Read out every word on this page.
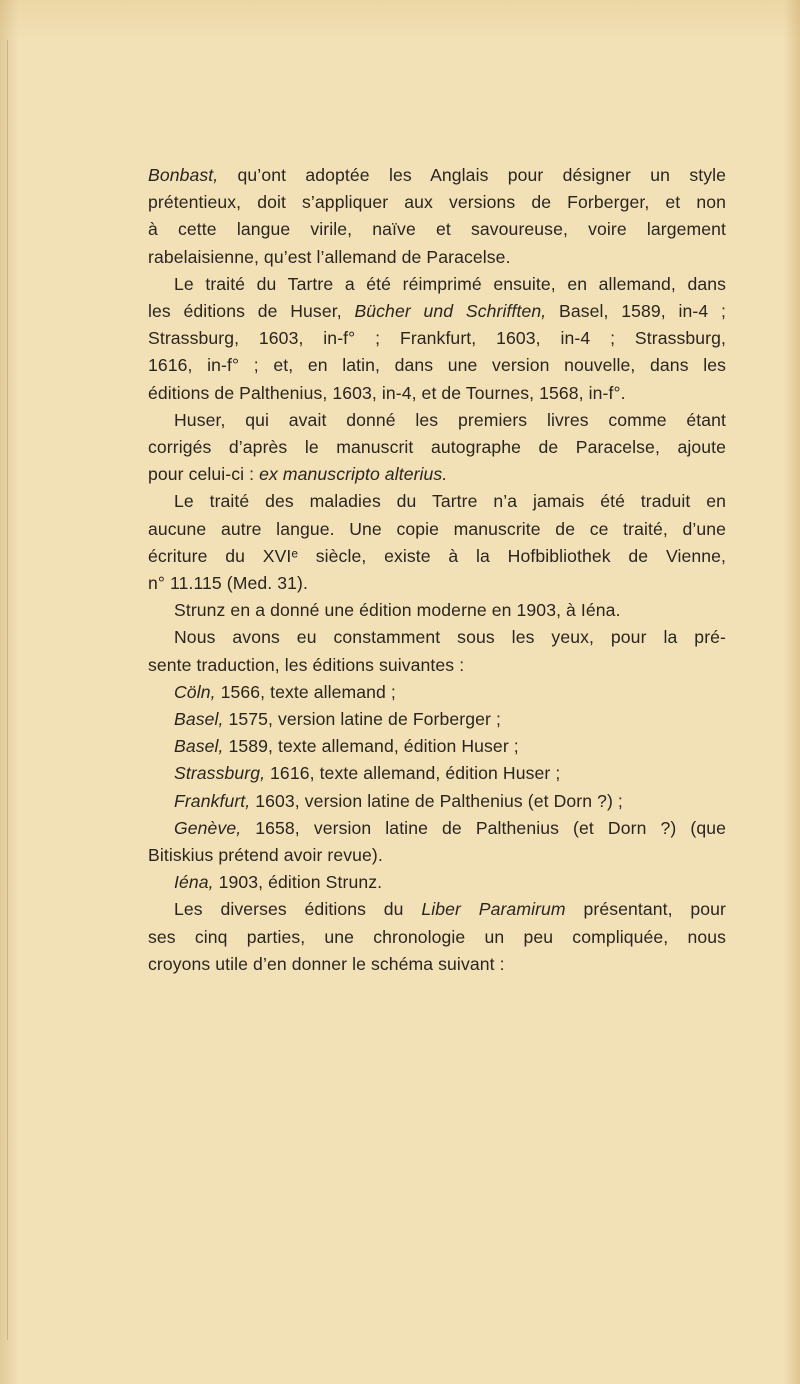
Bonbast, qu’ont adoptée les Anglais pour désigner un style
prétentieux, doit s’appliquer aux versions de Forberger, et non
à cette langue virile, naïve et savoureuse, voire largement
rabelaisienne, qu’est l’allemand de Paracelse.

Le traité du Tartre a été réimprimé ensuite, en allemand, dans
les éditions de Huser, Bücher und Schrifften, Basel, 1589, in-4 ;
Strassburg, 1603, in-f° ; Frankfurt, 1603, in-4 ; Strassburg,
1616, in-f° ; et, en latin, dans une version nouvelle, dans les
éditions de Palthenius, 1603, in-4, et de Tournes, 1568, in-f°.

Huser, qui avait donné les premiers livres comme étant
corrigés d’après le manuscrit autographe de Paracelse, ajoute
pour celui-ci : ex manuscripto alterius.

Le traité des maladies du Tartre n’a jamais été traduit en
aucune autre langue. Une copie manuscrite de ce traité, d’une
écriture du XVIᵉ siècle, existe à la Hofbibliothek de Vienne,
n° 11.115 (Med. 31).

Strunz en a donné une édition moderne en 1903, à Iéna.

Nous avons eu constamment sous les yeux, pour la pré-
sente traduction, les éditions suivantes :

Cöln, 1566, texte allemand ;

Basel, 1575, version latine de Forberger ;

Basel, 1589, texte allemand, édition Huser ;

Strassburg, 1616, texte allemand, édition Huser ;

Frankfurt, 1603, version latine de Palthenius (et Dorn ?) ;

Genève, 1658, version latine de Palthenius (et Dorn ?) (que
Bitiskius prétend avoir revue).

Iéna, 1903, édition Strunz.

Les diverses éditions du Liber Paramirum présentant, pour
ses cinq parties, une chronologie un peu compliquée, nous
croyons utile d’en donner le schéma suivant :
